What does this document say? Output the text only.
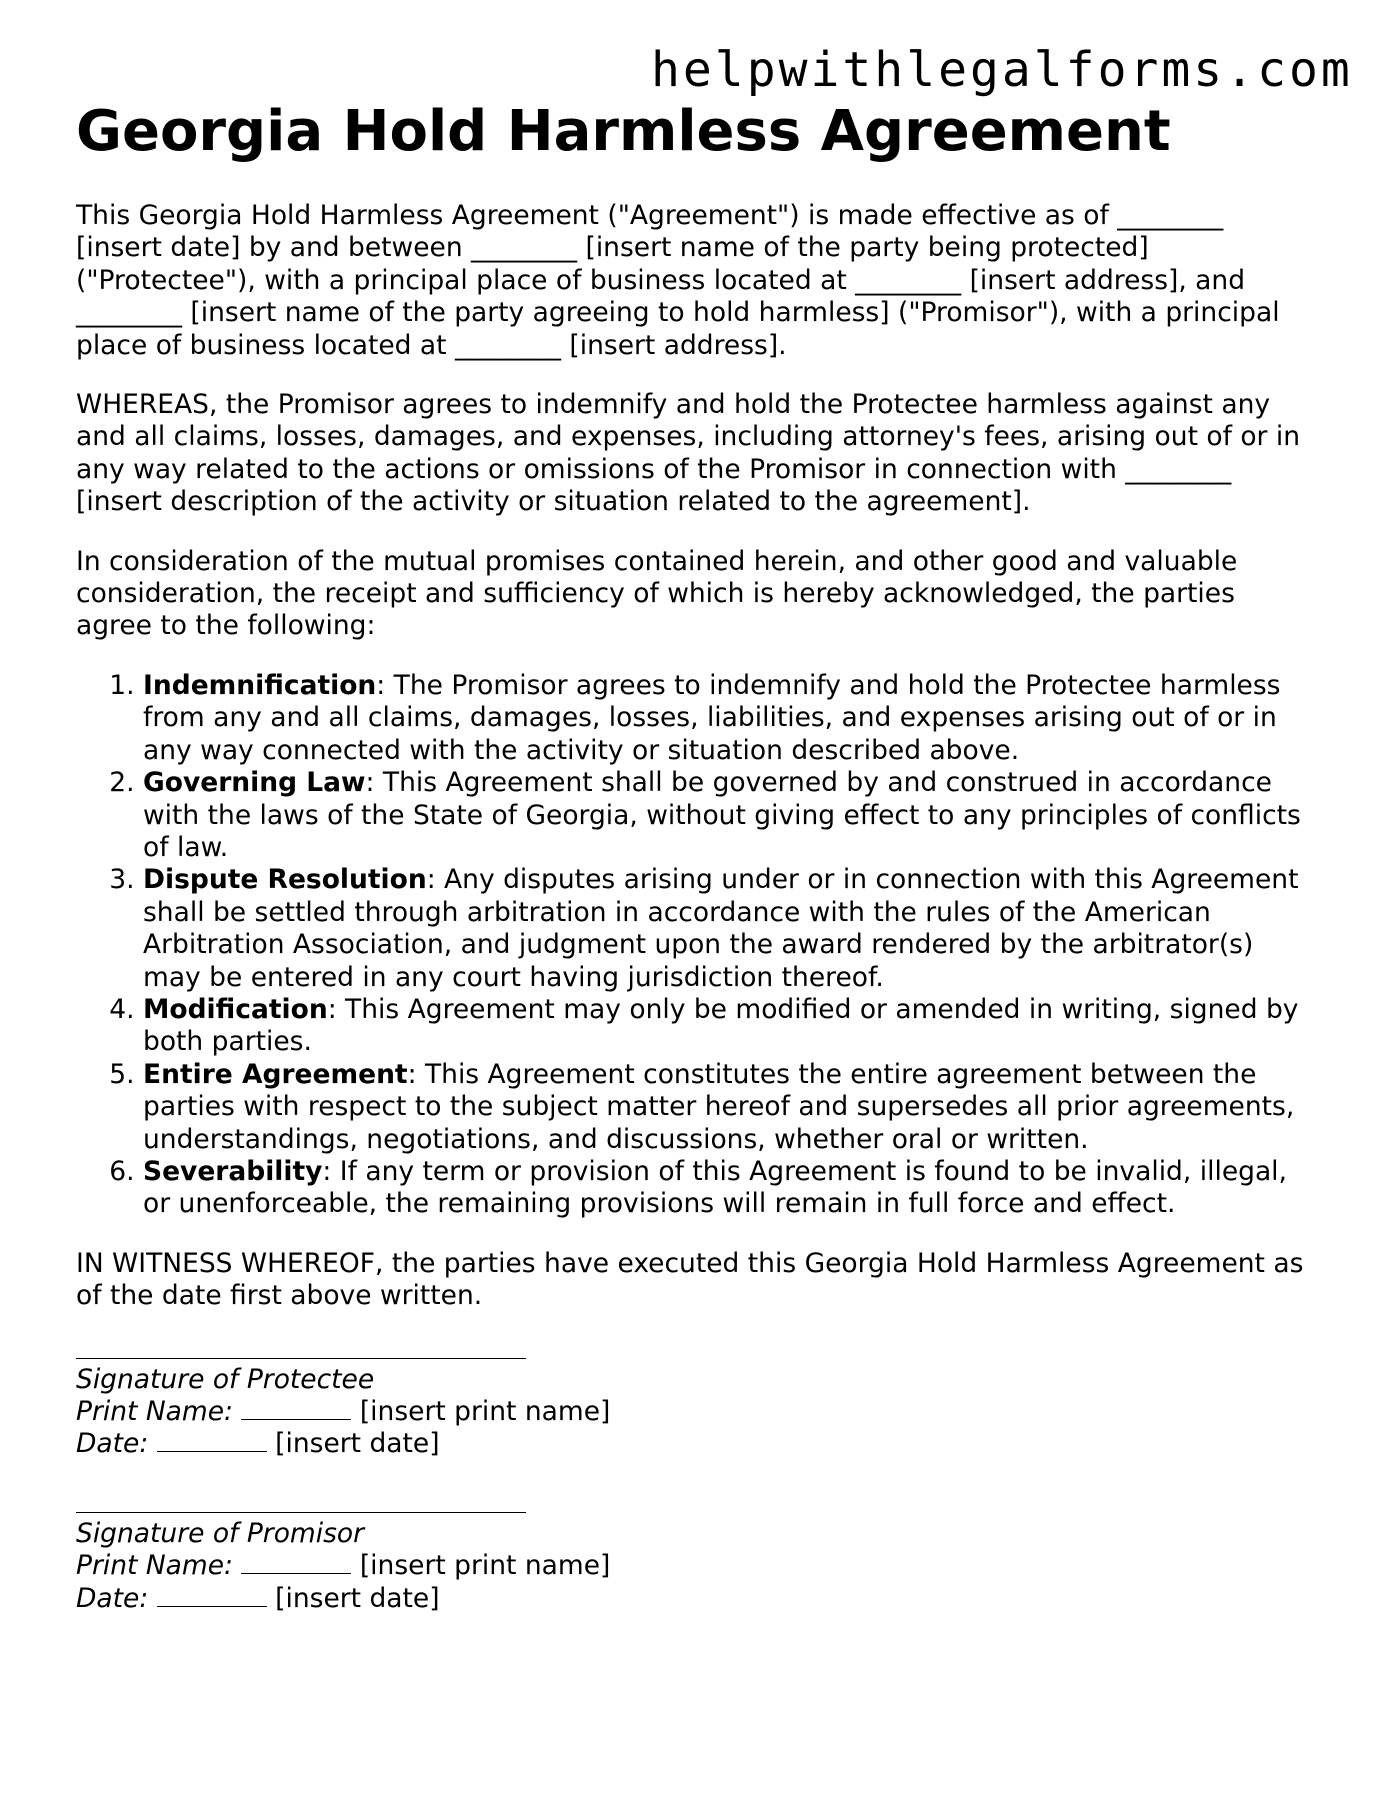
helpwithlegalforms.com
Georgia Hold Harmless Agreement

This Georgia Hold Harmless Agreement ("Agreement") is made effective as of ________ [insert date] by and between ________ [insert name of the party being protected] ("Protectee"), with a principal place of business located at ________ [insert address], and ________ [insert name of the party agreeing to hold harmless] ("Promisor"), with a principal place of business located at ________ [insert address].

WHEREAS, the Promisor agrees to indemnify and hold the Protectee harmless against any and all claims, losses, damages, and expenses, including attorney's fees, arising out of or in any way related to the actions or omissions of the Promisor in connection with ________ [insert description of the activity or situation related to the agreement].

In consideration of the mutual promises contained herein, and other good and valuable consideration, the receipt and sufficiency of which is hereby acknowledged, the parties agree to the following:

1. Indemnification: The Promisor agrees to indemnify and hold the Protectee harmless from any and all claims, damages, losses, liabilities, and expenses arising out of or in any way connected with the activity or situation described above.
2. Governing Law: This Agreement shall be governed by and construed in accordance with the laws of the State of Georgia, without giving effect to any principles of conflicts of law.
3. Dispute Resolution: Any disputes arising under or in connection with this Agreement shall be settled through arbitration in accordance with the rules of the American Arbitration Association, and judgment upon the award rendered by the arbitrator(s) may be entered in any court having jurisdiction thereof.
4. Modification: This Agreement may only be modified or amended in writing, signed by both parties.
5. Entire Agreement: This Agreement constitutes the entire agreement between the parties with respect to the subject matter hereof and supersedes all prior agreements, understandings, negotiations, and discussions, whether oral or written.
6. Severability: If any term or provision of this Agreement is found to be invalid, illegal, or unenforceable, the remaining provisions will remain in full force and effect.

IN WITNESS WHEREOF, the parties have executed this Georgia Hold Harmless Agreement as of the date first above written.

Signature of Protectee
Print Name:	[insert print name]
Date:	[insert date]
Signature of Promisor
Print Name:	[insert print name]
Date:	[insert date]
